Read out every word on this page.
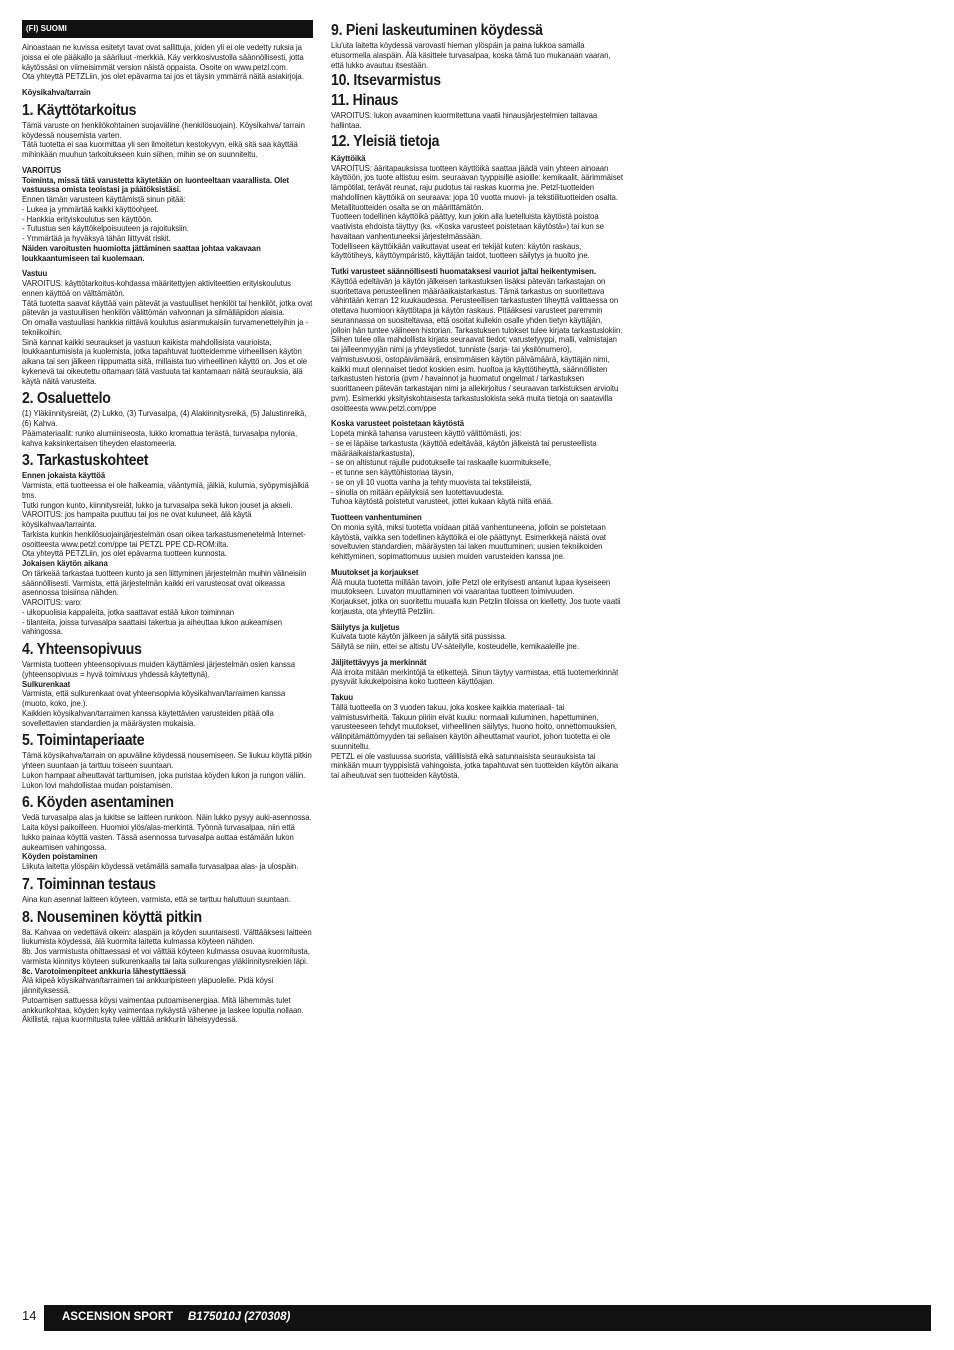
(FI) SUOMI

Ainoastaan ne kuvissa esitetyt tavat ovat sallittuja, joiden yli ei ole vedetty ruksia ja joissa ei ole pääkallo ja sääriluut -merkkiä. Käy verkkosivustolla säännöllisesti, jotta käytössäsi on viimeisimmät version näistä oppaista. Osoite on www.petzl.com.

Ota yhteyttä PETZLiin, jos olet epävarma tai jos et täysin ymmärrä näitä asiakirjoja.

Köysikahva/tarrain

1. Käyttötarkoitus

Tämä varuste on henkilökohtainen suojaväline (henkilösuojain). Köysikahva/ tarrain köydessä nousemista varten.

Tätä tuotetta ei saa kuormittaa yli sen ilmoitetun kestokyvyn, eikä sitä saa käyttää mihinkään muuhun tarkoitukseen kuin siihen, mihin se on suunniteltu.

VAROITUS

Toiminta, missä tätä varustetta käytetään on luonteeltaan vaarallista. Olet vastuussa omista teoistasi ja päätöksistäsi.

Ennen tämän varusteen käyttämistä sinun pitää:

- Lukea ja ymmärtää kaikki käyttöohjeet.

- Hankkia erityiskoulutus sen käyttöön.

- Tutustua sen käyttökelpoisuuteen ja rajoituksiin.

- Ymmärtää ja hyväksyä tähän liittyvät riskit.

Näiden varoitusten huomiotta jättäminen saattaa johtaa vakavaan loukkaantumiseen tai kuolemaan.

Vastuu

VAROITUS: käyttötarkoitus-kohdassa määritettyjen aktiviteettien erityiskoulutus ennen käyttöä on välttämätön.

Tätä tuotetta saavat käyttää vain pätevät ja vastuulliset henkilöt tai henkilöt, jotka ovat pätevän ja vastuullisen henkilön välittömän valvonnan ja silmälläpidon alaisia.

On omalla vastuullasi hankkia riittävä koulutus asianmukaisiin turvamenettelyihin ja -tekniikoihin.

Sinä kannat kaikki seuraukset ja vastuun kaikista mahdollisista vaurioista, loukkaantumisista ja kuolemista, jotka tapahtuvat tuotteidemme virheellisen käytön aikana tai sen jälkeen riippumatta siitä, millaista tuo virheellinen käyttö on. Jos et ole kykenevä tai oikeutettu ottamaan tätä vastuuta tai kantamaan näitä seurauksia, älä käytä näitä varusteita.

2. Osaluettelo

(1) Yläkiinnitysreiät, (2) Lukko, (3) Turvasalpa, (4) Alakiinnitysreikä, (5) Jalustinreikä, (6) Kahva.

Päämateriaalit: runko alumiiniseosta, lukko kromattua terästä, turvasalpa nylonia, kahva kaksinkertaisen tiheyden elastomeeria.

3. Tarkastuskohteet

Ennen jokaista käyttöä

Varmista, että tuotteessa ei ole halkeamia, vääntymiä, jälkiä, kulumia, syöpymisjälkiä tms.

Tutki rungon kunto, kiinnitysreiät, lukko ja turvasalpa sekä lukon jouset ja akseli.

VAROITUS: jos hampaita puuttuu tai jos ne ovat kuluneet, älä käytä köysikahvaa/tarrainta.

Tarkista kunkin henkilösuojainjärjestelmän osan oikea tarkastusmenetelmä Internet-osoitteesta www.petzl.com/ppe tai PETZL PPE CD-ROM:ilta.

Ota yhteyttä PETZLiin, jos olet epävarma tuotteen kunnosta.

Jokaisen käytön aikana

On tärkeää tarkastaa tuotteen kunto ja sen liittyminen järjestelmän muihin välineisiin säännöllisesti. Varmista, että järjestelmän kaikki eri varusteosat ovat oikeassa asennossa toisiinsa nähden.

VAROITUS: varo:

- ulkopuolisia kappaleita, jotka saattavat estää lukon toiminnan

- tilanteita, joissa turvasalpa saattaisi takertua ja aiheuttaa lukon aukeamisen vahingossa.

4. Yhteensopivuus

Varmista tuotteen yhteensopivuus muiden käyttämiesi järjestelmän osien kanssa (yhteensopivuus = hyvä toimivuus yhdessä käytettynä).

Sulkurenkaat

Varmista, että sulkurenkaat ovat yhteensopivia köysikahvan/tarraimen kanssa (muoto, koko, jne.).

Kaikkien köysikahvan/tarraimen kanssa käytettävien varusteiden pitää olla sovellettavien standardien ja määräysten mukaisia.

5. Toimintaperiaate

Tämä köysikahva/tarrain on apuväline köydessä nousemiseen. Se liukuu köyttä pitkin yhteen suuntaan ja tarttuu toiseen suuntaan.

Lukon hampaat aiheuttavat tarttumisen, joka puristaa köyden lukon ja rungon väliin. Lukon lovi mahdollistaa mudan poistamisen.

6. Köyden asentaminen

Vedä turvasalpa alas ja lukitse se laitteen runkoon. Näin lukko pysyy auki-asennossa.

Laita köysi paikoilleen. Huomioi ylös/alas-merkintä. Työnnä turvasalpaa, niin että lukko painaa köyttä vasten. Tässä asennossa turvasalpa auttaa estämään lukon aukeamisen vahingossa.

Köyden poistaminen

Liikuta laitetta ylöspäin köydessä vetämällä samalla turvasalpaa alas- ja ulospäin.

7. Toiminnan testaus

Aina kun asennat laitteen köyteen, varmista, että se tarttuu haluttuun suuntaan.

8. Nouseminen köyttä pitkin

8a. Kahvaa on vedettävä oikein: alaspäin ja köyden suuntaisesti. Välttääksesi laitteen liukumista köydessä, älä kuormita laitetta kulmassa köyteen nähden.

8b. Jos varmistusta ohittaessasi et voi välttää köyteen kulmassa osuvaa kuormitusta, varmista kiinnitys köyteen sulkurenkaalla tai laita sulkurengas yläkiinnitysreikien läpi.

8c. Varotoimenpiteet ankkuria lähestyttäessä

Älä kiipeä köysikahvan/tarraimen tai ankkuripisteen yläpuolelle. Pidä köysi jännityksessä.

Putoamisen sattuessa köysi vaimentaa putoamisenergiaa. Mitä lähemmäs tulet ankkurikohtaa, köyden kyky vaimentaa nykäystä vähenee ja laskee lopulta nollaan.

Äkillistä, rajua kuormitusta tulee välttää ankkurin läheisyydessä.

9. Pieni laskeutuminen köydessä

Liu'uta laitetta köydessä varovasti hieman ylöspäin ja paina lukkoa samalla etusormella alaspäin. Älä käsittele turvasalpaa, koska tämä tuo mukanaan vaaran, että lukko avautuu itsestään.

10. Itsevarmistus
11. Hinaus

VAROITUS: lukon avaaminen kuormitettuna vaatii hinausjärjestelmien taitavaa hallintaa.

12. Yleisiä tietoja

Käyttöikä

VAROITUS: ääritapauksissa tuotteen käyttöikä saattaa jäädä vain yhteen ainoaan käyttöön, jos tuote altistuu esim. seuraavan tyyppisille asioille: kemikaalit, äärimmäiset lämpötilat, terävät reunat, raju pudotus tai raskas kuorma jne. Petzl-tuotteiden mahdollinen käyttöikä on seuraava: jopa 10 vuotta muovi- ja tekstiilituotteiden osalta. Metallituotteiden osalta se on määrittämätön.

Tuotteen todellinen käyttöikä päättyy, kun jokin alla luetelluista käytöstä poistoa vaativista ehdoista täyttyy (ks. «Koska varusteet poistetaan käytöstä») tai kun se havaitaan vanhentuneeksi järjestelmässään.

Todelliseen käyttöikään vaikuttavat useat eri tekijät kuten: käytön raskaus, käyttötiheys, käyttöympäristö, käyttäjän taidot, tuotteen säilytys ja huolto jne.

Tutki varusteet säännöllisesti huomataksesi vauriot ja/tai heikentymisen.

Käyttöä edeltävän ja käytön jälkeisen tarkastuksen lisäksi pätevän tarkastajan on suoritettava perusteellinen määräaikaistarkastus. Tämä tarkastus on suoritettava vähintään kerran 12 kuukaudessa. Perusteellisen tarkastusten tiheyttä valittaessa on otettava huomioon käyttötapa ja käytön raskaus. Pitääksesi varusteet paremmin seurannassa on suositeltavaa, että osoitat kullekin osalle yhden tietyn käyttäjän, jolloin hän tuntee välineen historian. Tarkastuksen tulokset tulee kirjata tarkastuslokiin. Siihen tulee olla mahdollista kirjata seuraavat tiedot: varustetyyppi, malli, valmistajan tai jälleenmyyjän nimi ja yhteystiedot, tunniste (sarja- tai yksilönumero), valmistusvuosi, ostopäivämäärä, ensimmäisen käytön päivämäärä, käyttäjän nimi, kaikki muut olennaiset tiedot koskien esim. huoltoa ja käyttötiheyttä, säännöllisten tarkastusten historia (pvm / havainnot ja huomatut ongelmat / tarkastuksen suorittaneen pätevän tarkastajan nimi ja allekirjoitus / seuraavan tarkistuksen arvioitu pvm). Esimerkki yksityiskohtaisesta tarkastuslokista sekä muita tietoja on saatavilla osoitteesta www.petzl.com/ppe

Koska varusteet poistetaan käytöstä

Lopeta minkä tahansa varusteen käyttö välittömästi, jos:

- se ei läpäise tarkastusta (käyttöä edeltävää, käytön jälkeistä tai perusteellista määräaikaistarkastusta),

- se on altistunut rajulle pudotukselle tai raskaalle kuormitukselle,

- et tunne sen käyttöhistoriaa täysin,

- se on yli 10 vuotta vanha ja tehty muovista tai tekstiileistä,

- sinulla on mitään epäilyksiä sen luotettavuudesta.

Tuhoa käytöstä poistetut varusteet, jottei kukaan käytä niitä enää.

Tuotteen vanhentuminen

On monia syitä, miksi tuotetta voidaan pitää vanhentuneena, jolloin se poistetaan käytöstä, vaikka sen todellinen käyttöikä ei ole päättynyt. Esimerkkejä näistä ovat soveltuvien standardien, määräysten tai laken muuttuminen; uusien tekniikoiden kehittyminen, sopimattomuus uusien muiden varusteiden kanssa jne.

Muutokset ja korjaukset

Älä muuta tuotetta millään tavoin, jolle Petzl ole erityisesti antanut lupaa kyseiseen muutokseen. Luvaton muuttaminen voi vaarantaa tuotteen toimivuuden.

Korjaukset, jotka on suoritettu muualla kuin Petzlin tiloissa on kielletty. Jos tuote vaatii korjausta, ota yhteyttä Petzliin.

Säilytys ja kuljetus

Kuivata tuote käytön jälkeen ja säilytä sitä pussissa.

Säilytä se niin, ettei se altistu UV-säteilylle, kosteudelle, kemikaaleille jne.

Jäljitettävyys ja merkinnät

Älä irroita mitään merkintöjä ta etikettejä. Sinun täytyy varmistaa, että tuotemerkinnät pysyvät lukukelpoisina koko tuotteen käyttöajan.

Takuu

Tällä tuotteella on 3 vuoden takuu, joka koskee kaikkia materiaali- tai valmistusvirheitä. Takuun piiriin eivät kuulu: normaali kuluminen, hapettuminen, varusteeseen tehdyt muutokset, virheellinen säilytys, huono hoito, onnettomuuksien, välinpitämättömyyden tai sellaisen käytön aiheuttamat vauriot, johon tuotetta ei ole suunniteltu.

PETZL ei ole vastuussa suorista, välillisistä eikä satunnaisista seurauksista tai minkään muun tyyppisistä vahingoista, jotka tapahtuvat sen tuotteiden käytön aikana tai aiheutuvat sen tuotteiden käytöstä.

14 ASCENSION SPORT B175010J (270308)
